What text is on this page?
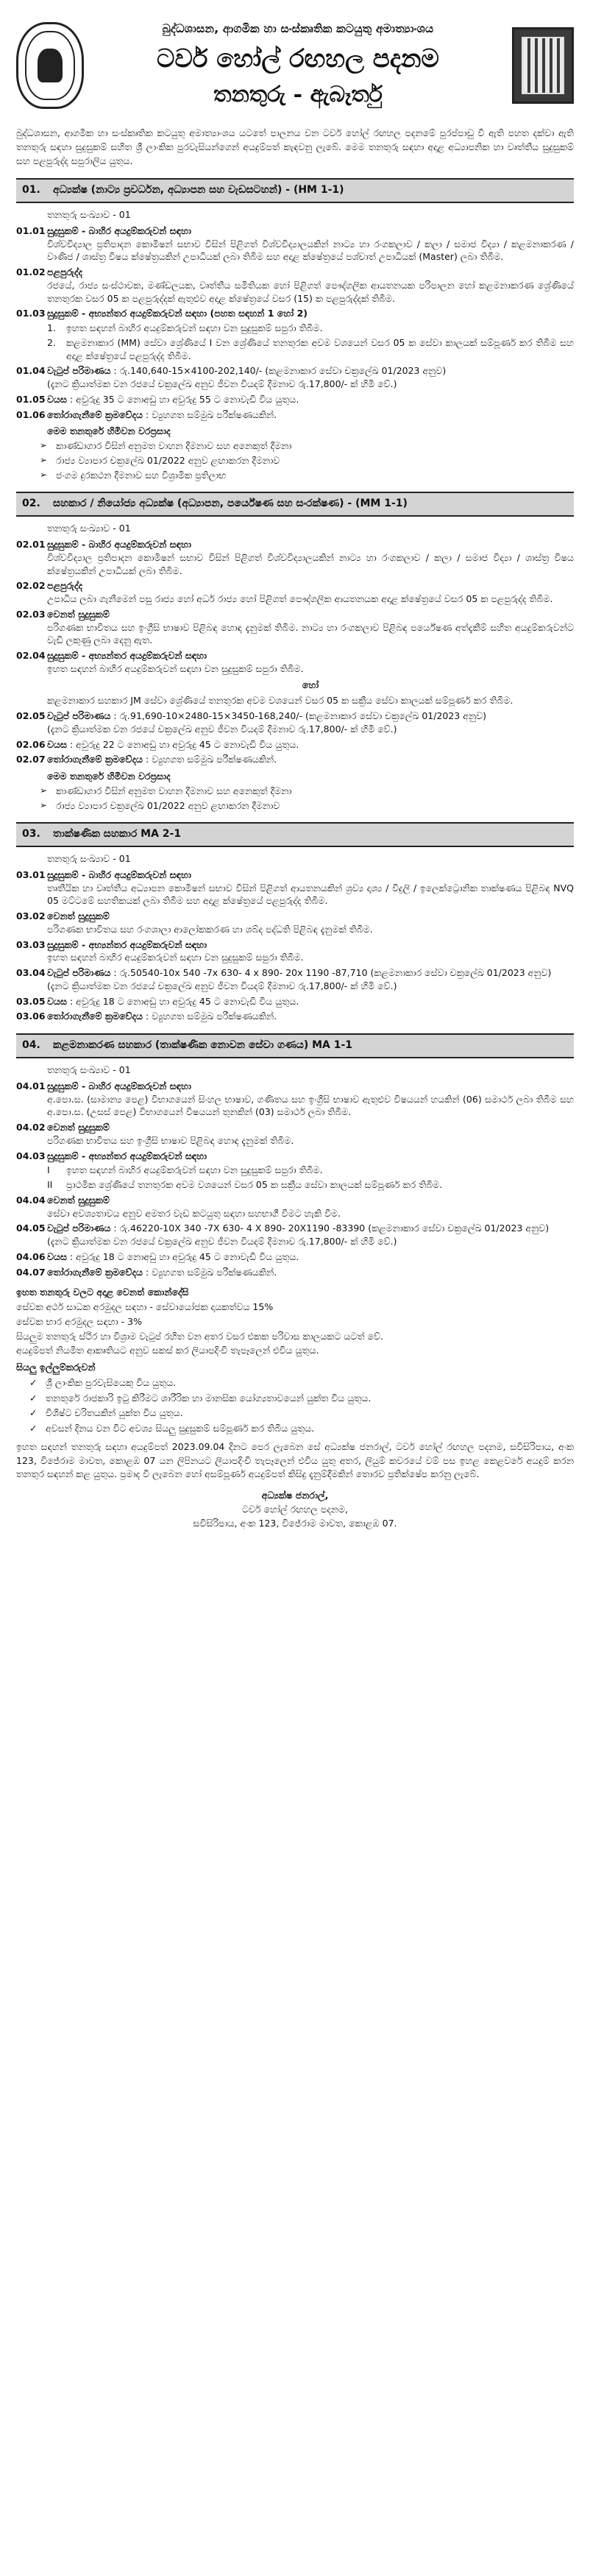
බුද්ධශාසන, ආගමික හා සංස්කෘතික කටයුතු අමාත්‍යාංශය
ටවර් හෝල් රඟහල පදනම
තනතුරු - ඇබෑර්තු

බුද්ධශාසන, ආගමික හා සංස්කෘතික කටයුතු අමාත්‍යාංශය යටතේ පාලනය වන ටවර් හෝල් රඟහල පදනමේ පුරප්පාඩු වී ඇති පහත දක්වා ඇති තනතුරු සඳහා සුදුසුකම් සහිත ශ්‍රී ලාංකික පුරවැසියන්ගෙන් අයදුම්පත් කැඳවනු ලැබේ. මෙම තනතුරු සඳහා අදාළ අධ්‍යාපනික හා වෘත්තීය සුදුසුකම් සහ පළපුරුද්ද සපුරාලිය යුතුය.

01. අධ්‍යක්ෂ (නාට්‍ය ප්‍රවර්ධන, අධ්‍යාපන සහ වැඩසටහන්) - (HM 1-1)
තනතුරු සංඛ්‍යාව - 01
01.01 සුදුසුකම් - බාහිර අයදුම්කරුවන් සඳහා
විශ්වවිද්‍යාල ප්‍රතිපාදන කොමිෂන් සභාව විසින් පිළිගත් විශ්වවිද්‍යාලයකින් නාට්‍ය හා රංගකලාව / කලා / සමාජ විද්‍යා / කළමනාකරණ / වාණිජ / ශාස්ත්‍ර විෂය ක්ෂේත්‍රයකින් උපාධියක් ලබා තිබීම සහ අදාළ ක්ෂේත්‍රයේ පශ්චාත් උපාධියක් (Master) ලබා තිබීම.
01.02 පළපුරුද්ද
රජයේ, රාජ්‍ය සංස්ථාවක, මණ්ඩලයක, වෘත්තීය සමිතියක හෝ පිළිගත් පෞද්ගලික ආයතනයක පරිපාලන හෝ කළමනාකරණ ශ්‍රේණියේ තනතුරක වසර 05 ක පළපුරුද්දක් ඇතුළුව අදාළ ක්ෂේත්‍රයේ වසර (15) ක පළපුරුද්දක් තිබීම.
01.03 සුදුසුකම් - අභ්‍යන්තර අයදුම්කරුවන් සඳහා (පහත සඳහන් 1 හෝ 2)
1.	ඉහත සඳහන් බාහිර අයදුම්කරුවන් සඳහා වන සුදුසුකම් සපුරා තිබීම.
2.	කළමනාකාර (MM) සේවා ශ්‍රේණියේ I වන ශ්‍රේණියේ තනතුරක අවම වශයෙන් වසර 05 ක සේවා කාලයක් සම්පූර්ණ කර තිබීම සහ අදාළ ක්ෂේත්‍රයේ පළපුරුද්ද තිබීම.
01.04 වැටුප් පරිමාණය : රු.140,640-15×4100-202,140/- (කළමනාකාර සේවා චක්‍රලේඛ 01/2023 අනුව)
(දැනට ක්‍රියාත්මක වන රජයේ චක්‍රලේඛ අනුව ජීවන වියදම් දීමනාව රු.17,800/- ක් හිමි වේ.)
01.05 වයස : අවුරුදු 35 ට නොඅඩු හා අවුරුදු 55 ට නොවැඩි විය යුතුය.
01.06 තෝරාගැනීමේ ක්‍රමවේදය : ව්‍යුහගත සම්මුඛ පරීක්ෂණයකින්.
මෙම තනතුරේ හිමිවන වරප්‍රසාද
➢ කාණ්ඩාගාර විසින් අනුමත වාහන දීමනාව සහ අනෙකුත් දීමනා
➢ රාජ්‍ය ව්‍යාපාර චක්‍රලේඛ 01/2022 අනුව ළඟාකරන දීමනාව
➢ ජංගම දුරකථන දීමනාව සහ විශ්‍රාමික ප්‍රතිලාභ
02. සහකාර / නියෝජ්‍ය අධ්‍යක්ෂ (අධ්‍යාපන, පර්යේෂණ සහ සංරක්ෂණ) - (MM 1-1)
තනතුරු සංඛ්‍යාව - 01
02.01 සුදුසුකම් - බාහිර අයදුම්කරුවන් සඳහා
විශ්වවිද්‍යාල ප්‍රතිපාදන කොමිෂන් සභාව විසින් පිළිගත් විශ්වවිද්‍යාලයකින් නාට්‍ය හා රංගකලාව / කලා / සමාජ විද්‍යා / ශාස්ත්‍ර විෂය ක්ෂේත්‍රයකින් උපාධියක් ලබා තිබීම.
02.02 පළපුරුද්ද
උපාධිය ලබා ගැනීමෙන් පසු රාජ්‍ය හෝ අර්ධ රාජ්‍ය හෝ පිළිගත් පෞද්ගලික ආයතනයක අදාළ ක්ෂේත්‍රයේ වසර 05 ක පළපුරුද්ද තිබීම.
02.03 වෙනත් සුදුසුකම්
පරිගණක භාවිතය සහ ඉංග්‍රීසි භාෂාව පිළිබඳ හොඳ දැනුමක් තිබීම. නාට්‍ය හා රංගකලාව පිළිබඳ පර්යේෂණ අත්දැකීම් සහිත අයදුම්කරුවන්ට වැඩි ලකුණු ලබා දෙනු ඇත.
02.04 සුදුසුකම් - අභ්‍යන්තර අයදුම්කරුවන් සඳහා
ඉහත සඳහන් බාහිර අයදුම්කරුවන් සඳහා වන සුදුසුකම් සපුරා තිබීම.
හෝ
කළමනාකාර සහකාර JM සේවා ශ්‍රේණියේ තනතුරක අවම වශයෙන් වසර 05 ක සක්‍රීය සේවා කාලයක් සම්පූර්ණ කර තිබීම.
02.05 වැටුප් පරිමාණය : රු.91,690-10×2480-15×3450-168,240/- (කළමනාකාර සේවා චක්‍රලේඛ 01/2023 අනුව)
(දැනට ක්‍රියාත්මක වන රජයේ චක්‍රලේඛ අනුව ජීවන වියදම් දීමනාව රු.17,800/- ක් හිමි වේ.)
02.06 වයස : අවුරුදු 22 ට නොඅඩු හා අවුරුදු 45 ට නොවැඩි විය යුතුය.
02.07 තෝරාගැනීමේ ක්‍රමවේදය : ව්‍යුහගත සම්මුඛ පරීක්ෂණයකින්.
මෙම තනතුරේ හිමිවන වරප්‍රසාද
➢ කාණ්ඩාගාර විසින් අනුමත වාහන දීමනාව සහ අනෙකුත් දීමනා
➢ රාජ්‍ය ව්‍යාපාර චක්‍රලේඛ 01/2022 අනුව ළඟාකරන දීමනාව
03. තාක්ෂණික සහකාර MA 2-1
තනතුරු සංඛ්‍යාව - 01
03.01 සුදුසුකම් - බාහිර අයදුම්කරුවන් සඳහා
තෘතීයික හා වෘත්තීය අධ්‍යාපන කොමිෂන් සභාව විසින් පිළිගත් ආයතනයකින් ශ්‍රව්‍ය දෘශ්‍ය / විදුලි / ඉලෙක්ට්‍රොනික තාක්ෂණය පිළිබඳ NVQ 05 මට්ටමේ සහතිකයක් ලබා තිබීම සහ අදාළ ක්ෂේත්‍රයේ පළපුරුද්ද තිබීම.
03.02 වෙනත් සුදුසුකම්
පරිගණක භාවිතය සහ රංගශාලා ආලෝකකරණ හා ශබ්ද පද්ධති පිළිබඳ දැනුමක් තිබීම.
03.03 සුදුසුකම් - අභ්‍යන්තර අයදුම්කරුවන් සඳහා
ඉහත සඳහන් බාහිර අයදුම්කරුවන් සඳහා වන සුදුසුකම් සපුරා තිබීම.
03.04 වැටුප් පරිමාණය : රු.50540-10x 540 -7x 630- 4 x 890- 20x 1190 -87,710 (කළමනාකාර සේවා චක්‍රලේඛ 01/2023 අනුව)
(දැනට ක්‍රියාත්මක වන රජයේ චක්‍රලේඛ අනුව ජීවන වියදම් දීමනාව රු.17,800/- ක් හිමි වේ.)
03.05 වයස : අවුරුදු 18 ට නොඅඩු හා අවුරුදු 45 ට නොවැඩි විය යුතුය.
03.06 තෝරාගැනීමේ ක්‍රමවේදය : ව්‍යුහගත සම්මුඛ පරීක්ෂණයකින්.
04. කළමනාකරණ සහකාර (තාක්ෂණික නොවන සේවා ගණය) MA 1-1
තනතුරු සංඛ්‍යාව - 01
04.01 සුදුසුකම් - බාහිර අයදුම්කරුවන් සඳහා
අ.පො.ස. (සාමාන්‍ය පෙළ) විභාගයෙන් සිංහල භාෂාව, ගණිතය සහ ඉංග්‍රීසි භාෂාව ඇතුළුව විෂයයන් හයකින් (06) සමාර්ථ ලබා තිබීම සහ අ.පො.ස. (උසස් පෙළ) විභාගයෙන් විෂයයන් තුනකින් (03) සමාර්ථ ලබා තිබීම.
04.02 වෙනත් සුදුසුකම්
පරිගණක භාවිතය සහ ඉංග්‍රීසි භාෂාව පිළිබඳ හොඳ දැනුමක් තිබීම.
04.03 සුදුසුකම් - අභ්‍යන්තර අයදුම්කරුවන් සඳහා
I	ඉහත සඳහන් බාහිර අයදුම්කරුවන් සඳහා වන සුදුසුකම් සපුරා තිබීම.
II	ප්‍රාථමික ශ්‍රේණියේ තනතුරක අවම වශයෙන් වසර 05 ක සක්‍රීය සේවා කාලයක් සම්පූර්ණ කර තිබීම.
04.04 වෙනත් සුදුසුකම්
සේවා අවශ්‍යතාවය අනුව අමතර වැඩ කටයුතු සඳහා සහභාගී වීමට හැකි වීම.
04.05 වැටුප් පරිමාණය : රු.46220-10X 340 -7X 630- 4 X 890- 20X1190 -83390 (කළමනාකාර සේවා චක්‍රලේඛ 01/2023 අනුව)
(දැනට ක්‍රියාත්මක වන රජයේ චක්‍රලේඛ අනුව ජීවන වියදම් දීමනාව රු.17,800/- ක් හිමි වේ.)
04.06 වයස : අවුරුදු 18 ට නොඅඩු හා අවුරුදු 45 ට නොවැඩි විය යුතුය.
04.07 තෝරාගැනීමේ ක්‍රමවේදය : ව්‍යුහගත සම්මුඛ පරීක්ෂණයකින්.
ඉහත තනතුරු වලට අදාළ වෙනත් කොන්දේසි
සේවක අර්ථ සාධක අරමුදල සඳහා - සේවායෝජක දායකත්වය 15%
සේවක භාර අරමුදල සඳහා - 3%
සියලුම තනතුරු ස්ථිර හා විශ්‍රාම වැටුප් රහිත වන අතර වසර එකක පරිවාස කාලයකට යටත් වේ.
අයදුම්පත් නියමිත ආකෘතියට අනුව සකස් කර ලියාපදිංචි තැපෑලෙන් එවිය යුතුය.
සියලු ඉල්ලුම්කරුවන්
✓ ශ්‍රී ලාංකික පුරවැසියෙකු විය යුතුය.
✓ තනතුරේ රාජකාරි ඉටු කිරීමට ශාරීරික හා මානසික යෝග්‍යතාවයෙන් යුක්ත විය යුතුය.
✓ විශිෂ්ට චරිතයකින් යුක්ත විය යුතුය.
✓ අවසන් දිනය වන විට අවශ්‍ය සියලු සුදුසුකම් සම්පූර්ණ කර තිබිය යුතුය.

ඉහත සඳහන් තනතුරු සඳහා අයදුම්පත් 2023.09.04 දිනට පෙර ලැබෙන සේ අධ්‍යක්ෂ ජනරාල්, ටවර් හෝල් රඟහල පදනම, සවිසිරිපාය, අංක 123, විජේරාම මාවත, කොළඹ 07 යන ලිපිනයට ලියාපදිංචි තැපෑලෙන් එවිය යුතු අතර, ලියුම් කවරයේ වම් පස ඉහළ කෙළවරේ අයදුම් කරන තනතුර සඳහන් කළ යුතුය. ප්‍රමාද වී ලැබෙන හෝ අසම්පූර්ණ අයදුම්පත් කිසිදු දැනුම්දීමකින් තොරව ප්‍රතික්ෂේප කරනු ලැබේ.

අධ්‍යක්ෂ ජනරාල්,
ටවර් හෝල් රඟහල පදනම,
සවිසිරිපාය, අංක 123, විජේරාම මාවත, කොළඹ 07.
